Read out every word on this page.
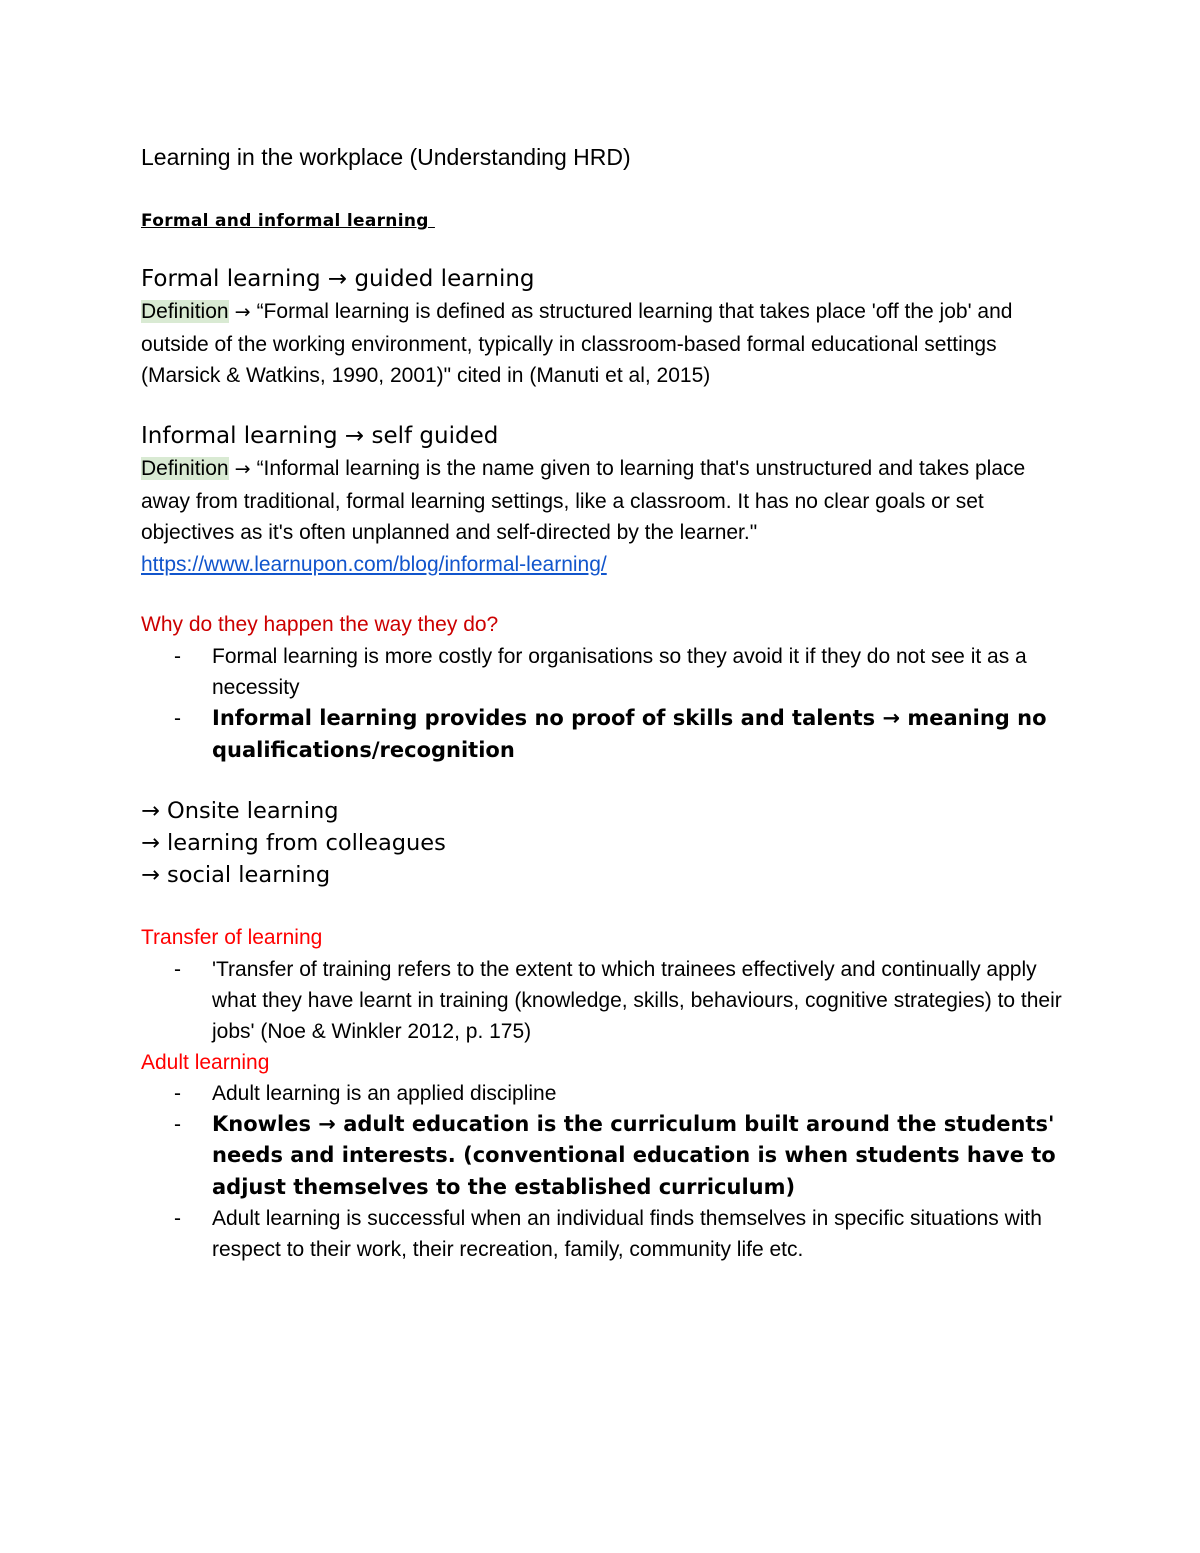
Learning in the workplace (Understanding HRD)
Formal and informal learning
Formal learning → guided learning
Definition → “Formal learning is defined as structured learning that takes place 'off the job' and outside of the working environment, typically in classroom-based formal educational settings (Marsick & Watkins, 1990, 2001)" cited in (Manuti et al, 2015)
Informal learning → self guided
Definition → “Informal learning is the name given to learning that's unstructured and takes place away from traditional, formal learning settings, like a classroom. It has no clear goals or set objectives as it's often unplanned and self-directed by the learner."
https://www.learnupon.com/blog/informal-learning/
Why do they happen the way they do?
- Formal learning is more costly for organisations so they avoid it if they do not see it as a necessity
- Informal learning provides no proof of skills and talents → meaning no qualifications/recognition
→ Onsite learning
→ learning from colleagues
→ social learning
Transfer of learning
- 'Transfer of training refers to the extent to which trainees effectively and continually apply what they have learnt in training (knowledge, skills, behaviours, cognitive strategies) to their jobs' (Noe & Winkler 2012, p. 175)
Adult learning
- Adult learning is an applied discipline
- Knowles → adult education is the curriculum built around the students' needs and interests. (conventional education is when students have to adjust themselves to the established curriculum)
- Adult learning is successful when an individual finds themselves in specific situations with respect to their work, their recreation, family, community life etc.
